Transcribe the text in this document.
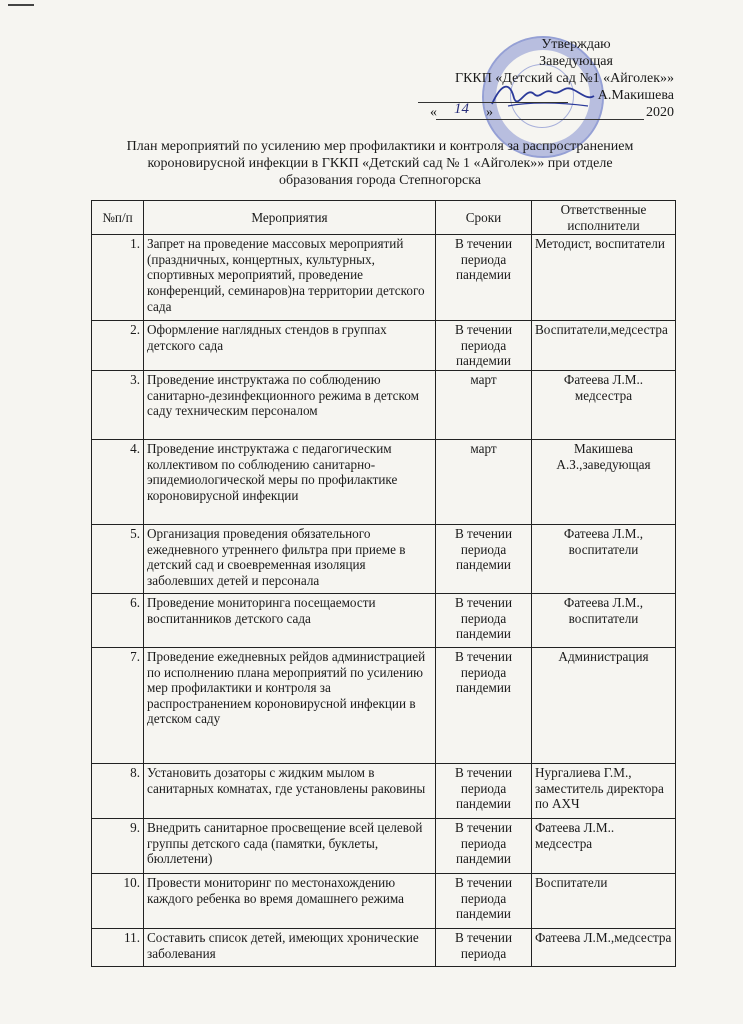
Утверждаю
Заведующая
ГККП «Детский сад №1 «Айголек»»
А.Макишева
« 14 »	2020
План мероприятий по усилению мер профилактики и контроля за распространением
короновирусной инфекции в ГККП «Детский сад № 1 «Айголек»» при отделе
образования города Степногорска
№п/п	Мероприятия	Сроки	Ответственные исполнители
1.	Запрет на проведение массовых мероприятий (праздничных, концертных, культурных, спортивных мероприятий, проведение конференций, семинаров)на территории детского сада	В течении периода пандемии	Методист, воспитатели
2.	Оформление наглядных стендов в группах детского сада	В течении периода пандемии	Воспитатели,медсестра
3.	Проведение инструктажа по соблюдению санитарно-дезинфекционного режима в детском саду техническим персоналом	март	Фатеева Л.М.. медсестра
4.	Проведение инструктажа с педагогическим коллективом по соблюдению санитарно-эпидемиологической меры по профилактике короновирусной инфекции	март	Макишева А.З.,заведующая
5.	Организация проведения обязательного ежедневного утреннего фильтра при приеме в детский сад и своевременная изоляция заболевших детей и персонала	В течении периода пандемии	Фатеева Л.М., воспитатели
6.	Проведение мониторинга посещаемости воспитанников детского сада	В течении периода пандемии	Фатеева Л.М., воспитатели
7.	Проведение ежедневных рейдов администрацией по исполнению плана мероприятий по усилению мер профилактики и контроля за распространением короновирусной инфекции в детском саду	В течении периода пандемии	Администрация
8.	Установить дозаторы с жидким мылом в санитарных комнатах, где установлены раковины	В течении периода пандемии	Нургалиева Г.М., заместитель директора по АХЧ
9.	Внедрить санитарное просвещение всей целевой группы детского сада (памятки, буклеты, бюллетени)	В течении периода пандемии	Фатеева Л.М.. медсестра
10.	Провести мониторинг по местонахождению каждого ребенка во время домашнего режима	В течении периода пандемии	Воспитатели
11.	Составить список детей, имеющих хронические заболевания	В течении периода	Фатеева Л.М.,медсестра
